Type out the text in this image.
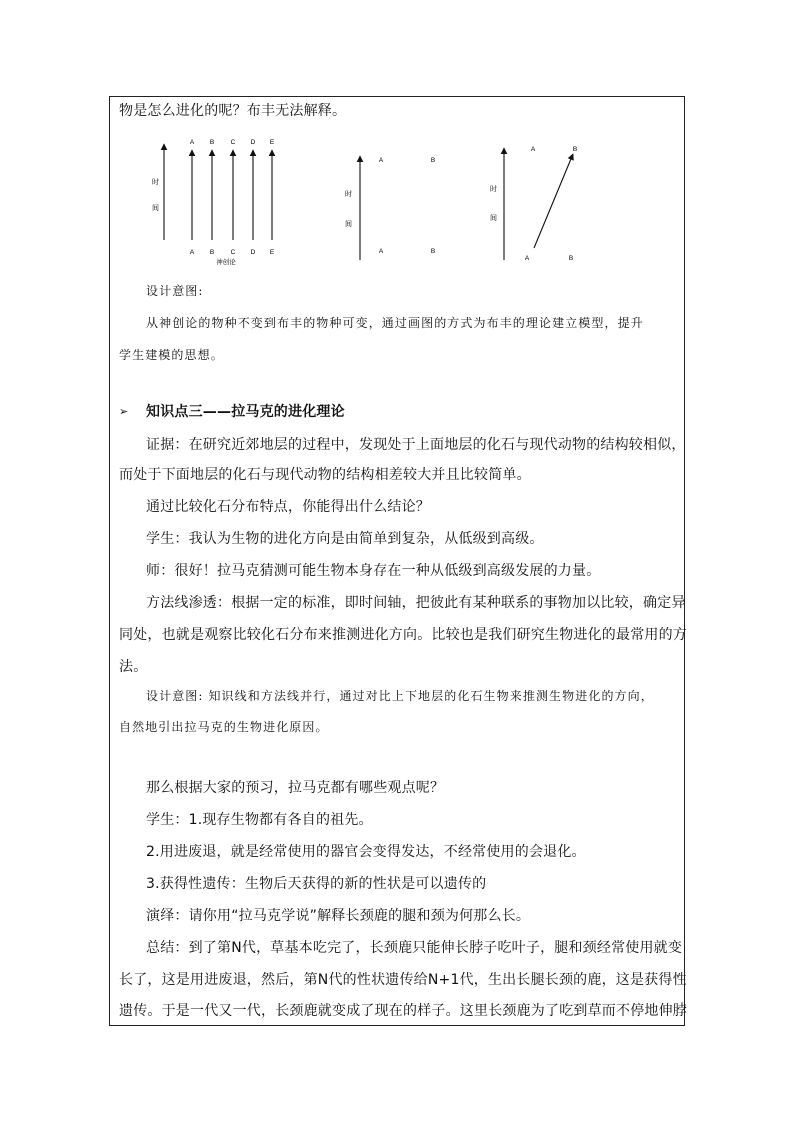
物是怎么进化的呢？布丰无法解释。
时
间
A B	C D E
A B	C D E
神创论
时
间
A	B
A	B
时
间
A	B
A	B
设计意图:
从神创论的物种不变到布丰的物种可变，通过画图的方式为布丰的理论建立模型，提升
学生建模的思想。
➢ 知识点三——拉马克的进化理论
证据：在研究近郊地层的过程中，发现处于上面地层的化石与现代动物的结构较相似，
而处于下面地层的化石与现代动物的结构相差较大并且比较简单。
通过比较化石分布特点，你能得出什么结论？
学生：我认为生物的进化方向是由简单到复杂，从低级到高级。
师：很好！拉马克猜测可能生物本身存在一种从低级到高级发展的力量。
方法线渗透：根据一定的标准，即时间轴，把彼此有某种联系的事物加以比较，确定异
同处，也就是观察比较化石分布来推测进化方向。比较也是我们研究生物进化的最常用的方
法。
设计意图: 知识线和方法线并行，通过对比上下地层的化石生物来推测生物进化的方向，
自然地引出拉马克的生物进化原因。
那么根据大家的预习，拉马克都有哪些观点呢？
学生：1.现存生物都有各自的祖先。
2.用进废退，就是经常使用的器官会变得发达，不经常使用的会退化。
3.获得性遗传：生物后天获得的新的性状是可以遗传的
演绎：请你用“拉马克学说”解释长颈鹿的腿和颈为何那么长。
总结：到了第N代，草基本吃完了，长颈鹿只能伸长脖子吃叶子，腿和颈经常使用就变
长了，这是用进废退，然后，第N代的性状遗传给N+1代，生出长腿长颈的鹿，这是获得性
遗传。于是一代又一代，长颈鹿就变成了现在的样子。这里长颈鹿为了吃到草而不停地伸脖
